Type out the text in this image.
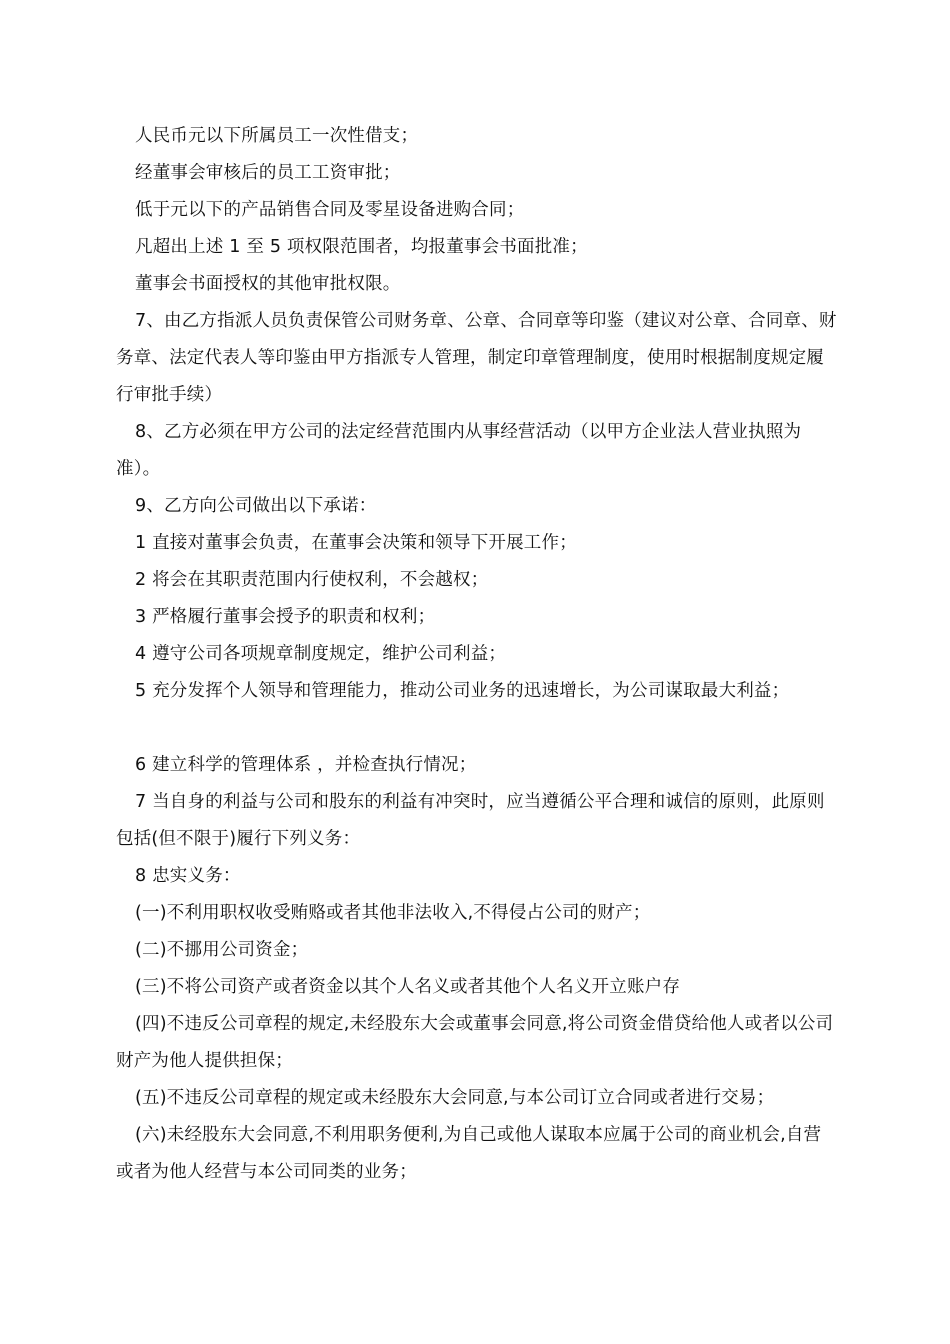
人民币元以下所属员工一次性借支；

经董事会审核后的员工工资审批；

低于元以下的产品销售合同及零星设备进购合同；

凡超出上述 1 至 5 项权限范围者，均报董事会书面批准；

董事会书面授权的其他审批权限。

7、由乙方指派人员负责保管公司财务章、公章、合同章等印鉴（建议对公章、合同章、财务章、法定代表人等印鉴由甲方指派专人管理，制定印章管理制度，使用时根据制度规定履行审批手续）

8、乙方必须在甲方公司的法定经营范围内从事经营活动（以甲方企业法人营业执照为准）。

9、乙方向公司做出以下承诺：

1 直接对董事会负责，在董事会决策和领导下开展工作；

2 将会在其职责范围内行使权利，不会越权；

3 严格履行董事会授予的职责和权利；

4 遵守公司各项规章制度规定，维护公司利益；

5 充分发挥个人领导和管理能力，推动公司业务的迅速增长，为公司谋取最大利益；

6 建立科学的管理体系 ，并检查执行情况；

7 当自身的利益与公司和股东的利益有冲突时，应当遵循公平合理和诚信的原则，此原则包括(但不限于)履行下列义务：

8 忠实义务：

(一)不利用职权收受贿赂或者其他非法收入,不得侵占公司的财产；

(二)不挪用公司资金；

(三)不将公司资产或者资金以其个人名义或者其他个人名义开立账户存

(四)不违反公司章程的规定,未经股东大会或董事会同意,将公司资金借贷给他人或者以公司财产为他人提供担保；

(五)不违反公司章程的规定或未经股东大会同意,与本公司订立合同或者进行交易；

(六)未经股东大会同意,不利用职务便利,为自己或他人谋取本应属于公司的商业机会,自营或者为他人经营与本公司同类的业务；
